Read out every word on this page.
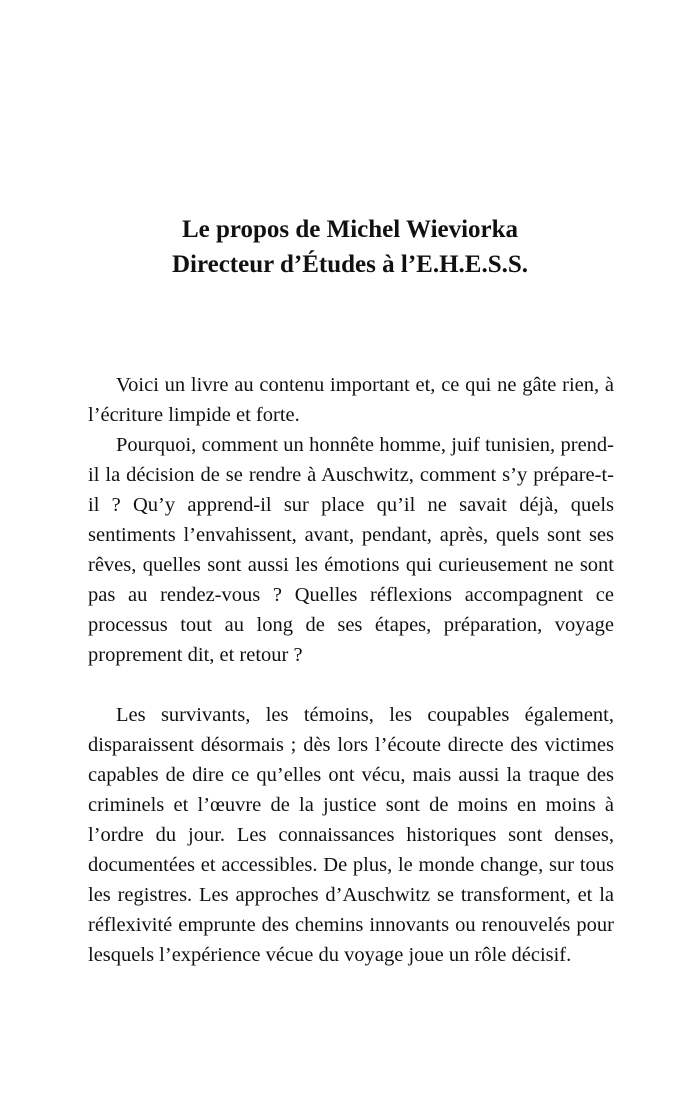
Le propos de Michel Wieviorka
Directeur d’Études à l’E.H.E.S.S.

Voici un livre au contenu important et, ce qui ne gâte rien, à l’écriture limpide et forte.

Pourquoi, comment un honnête homme, juif tunisien, prend-il la décision de se rendre à Auschwitz, comment s’y prépare-t-il ? Qu’y apprend-il sur place qu’il ne savait déjà, quels sentiments l’envahissent, avant, pendant, après, quels sont ses rêves, quelles sont aussi les émotions qui curieusement ne sont pas au rendez-vous ? Quelles réflexions accompagnent ce processus tout au long de ses étapes, préparation, voyage proprement dit, et retour ?

Les survivants, les témoins, les coupables également, disparaissent désormais ; dès lors l’écoute directe des victimes capables de dire ce qu’elles ont vécu, mais aussi la traque des criminels et l’œuvre de la justice sont de moins en moins à l’ordre du jour. Les connaissances historiques sont denses, documentées et accessibles. De plus, le monde change, sur tous les registres. Les approches d’Auschwitz se transforment, et la réflexivité emprunte des chemins innovants ou renouvelés pour lesquels l’expérience vécue du voyage joue un rôle décisif.
